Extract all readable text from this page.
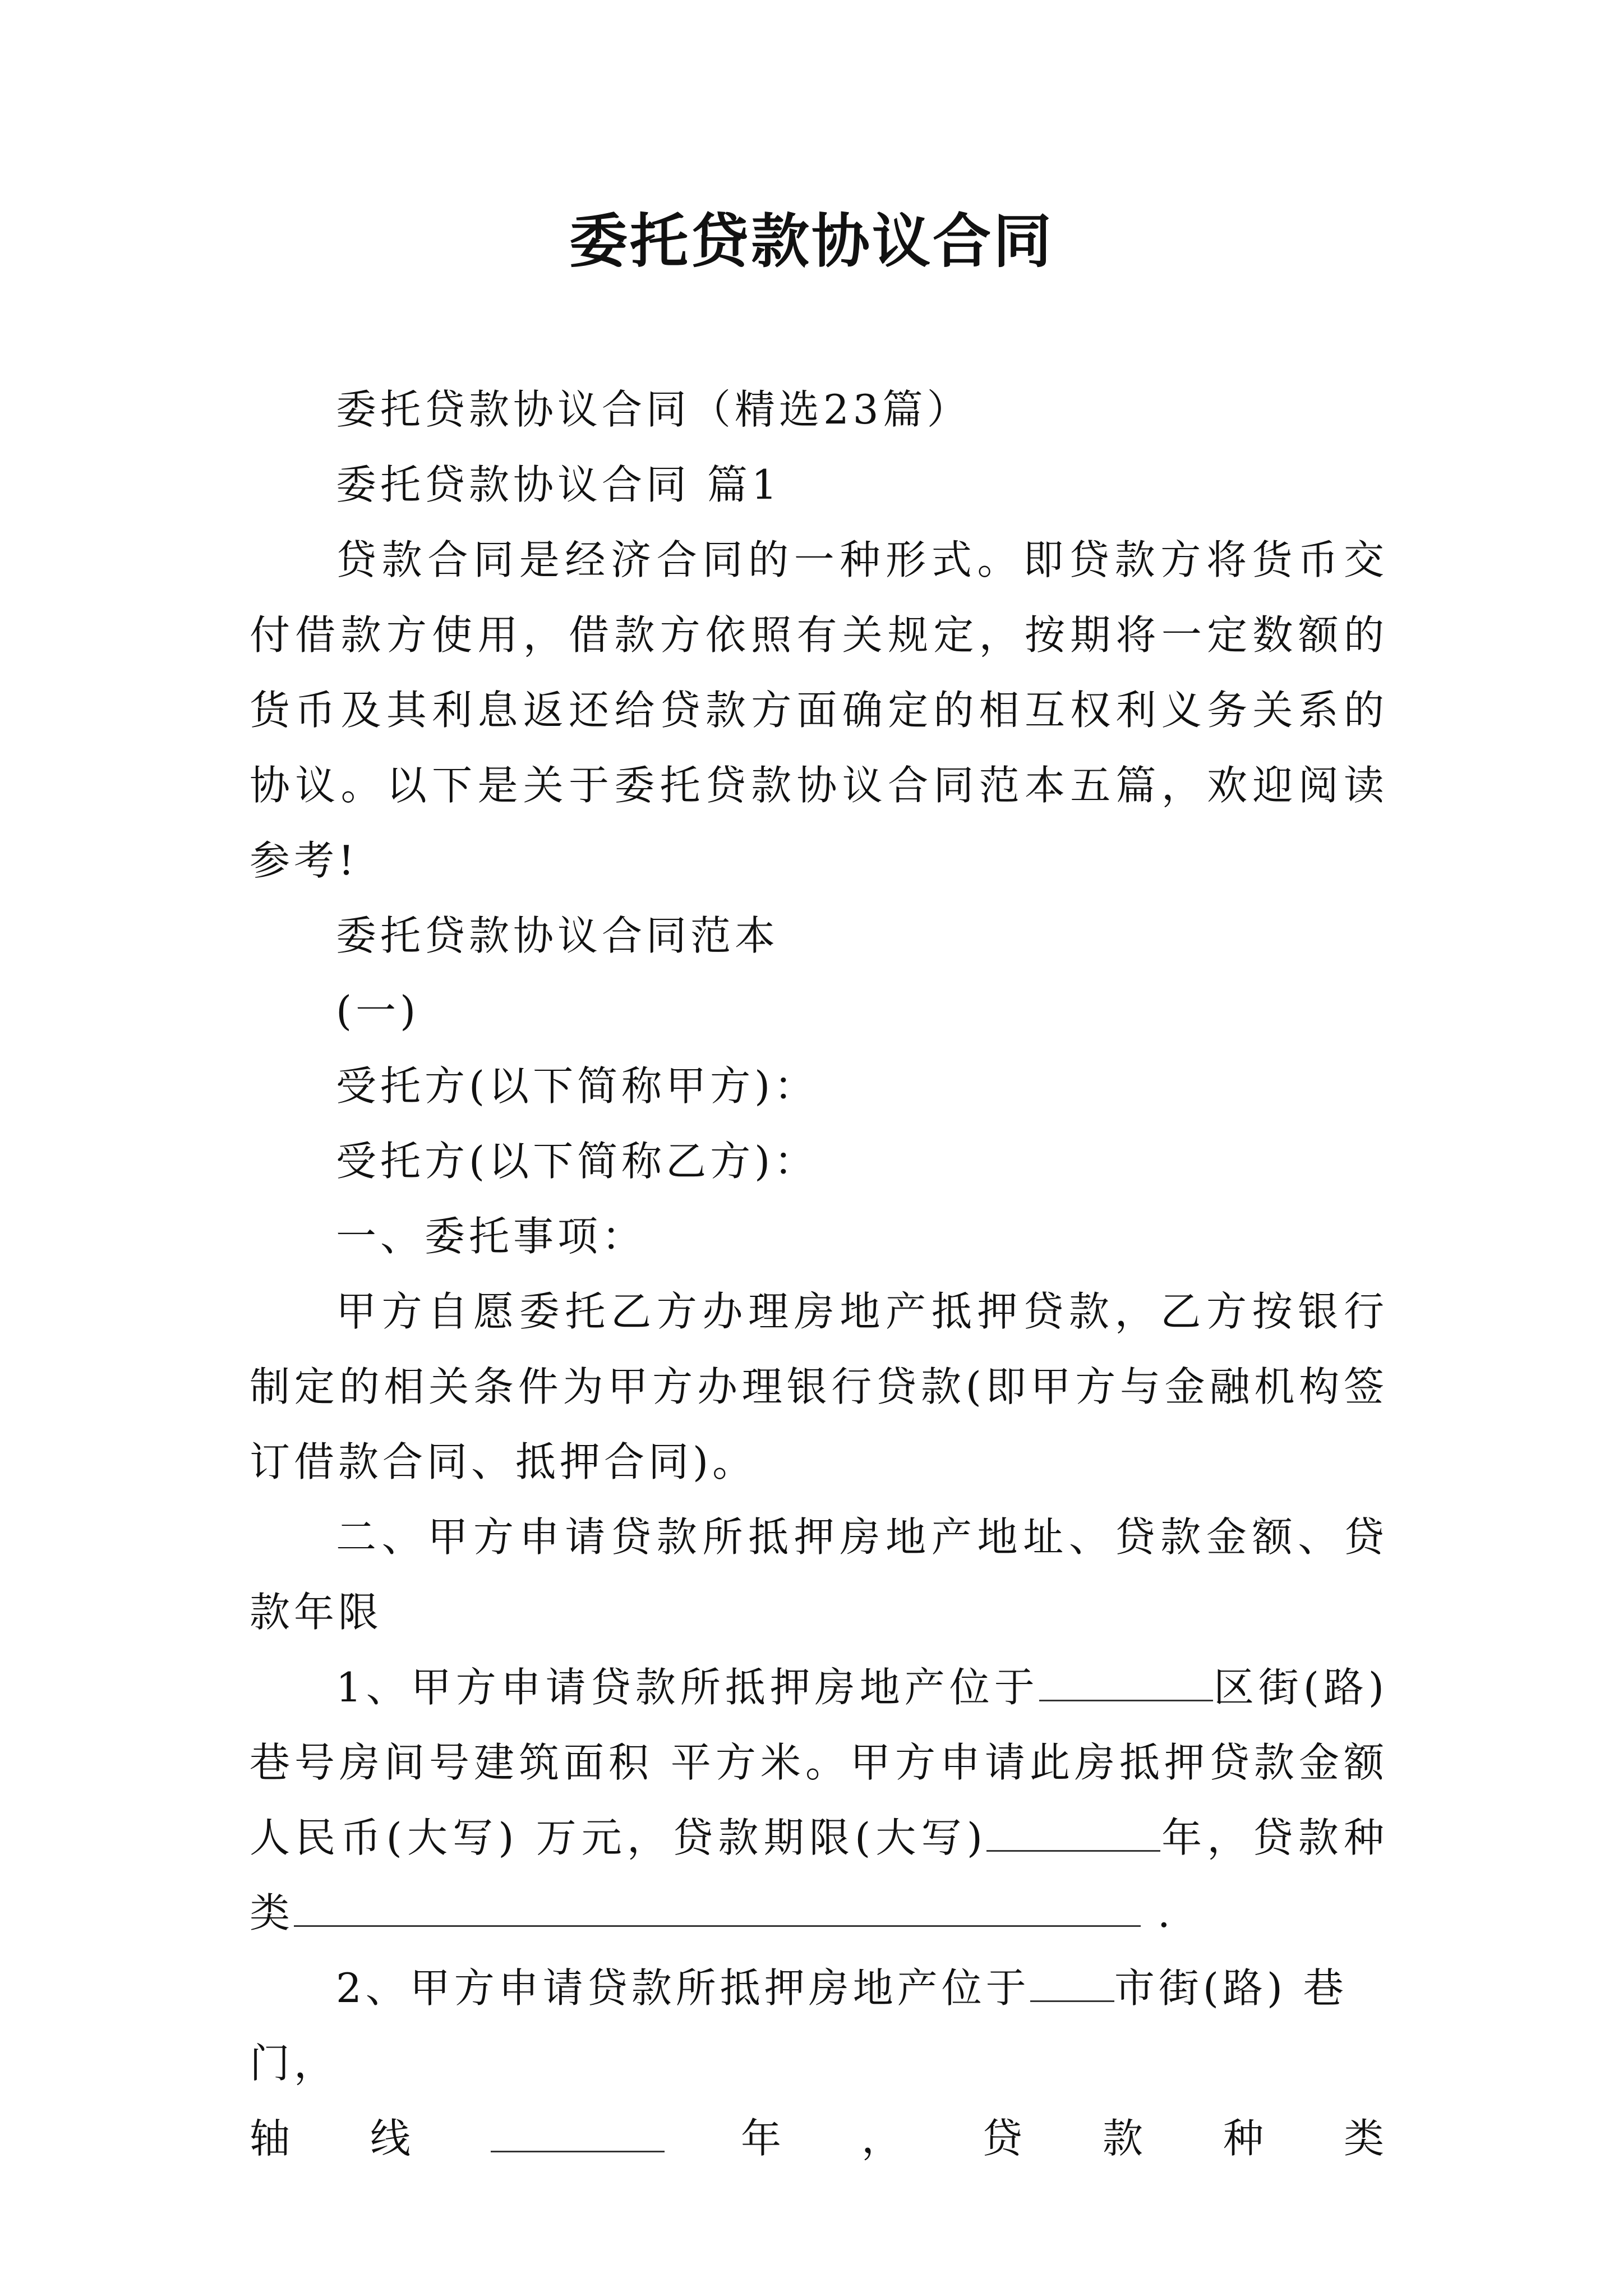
委托贷款协议合同

委托贷款协议合同（精选23篇）

委托贷款协议合同 篇1

贷款合同是经济合同的一种形式。即贷款方将货币交付借款方使用，借款方依照有关规定，按期将一定数额的货币及其利息返还给贷款方面确定的相互权利义务关系的协议。以下是关于委托贷款协议合同范本五篇，欢迎阅读参考!

委托贷款协议合同范本

(一)

受托方(以下简称甲方)：

受托方(以下简称乙方)：

一、委托事项：

甲方自愿委托乙方办理房地产抵押贷款，乙方按银行制定的相关条件为甲方办理银行贷款(即甲方与金融机构签订借款合同、抵押合同)。

二、甲方申请贷款所抵押房地产地址、贷款金额、贷款年限

1、甲方申请贷款所抵押房地产位于	区街(路) 巷号房间号建筑面积 平方米。甲方申请此房抵押贷款金额人民币(大写) 万元，贷款期限(大写)	年，贷款种类	.

2、甲方申请贷款所抵押房地产位于 市街(路) 巷门，

轴 线	年 ， 贷 款 种 类
